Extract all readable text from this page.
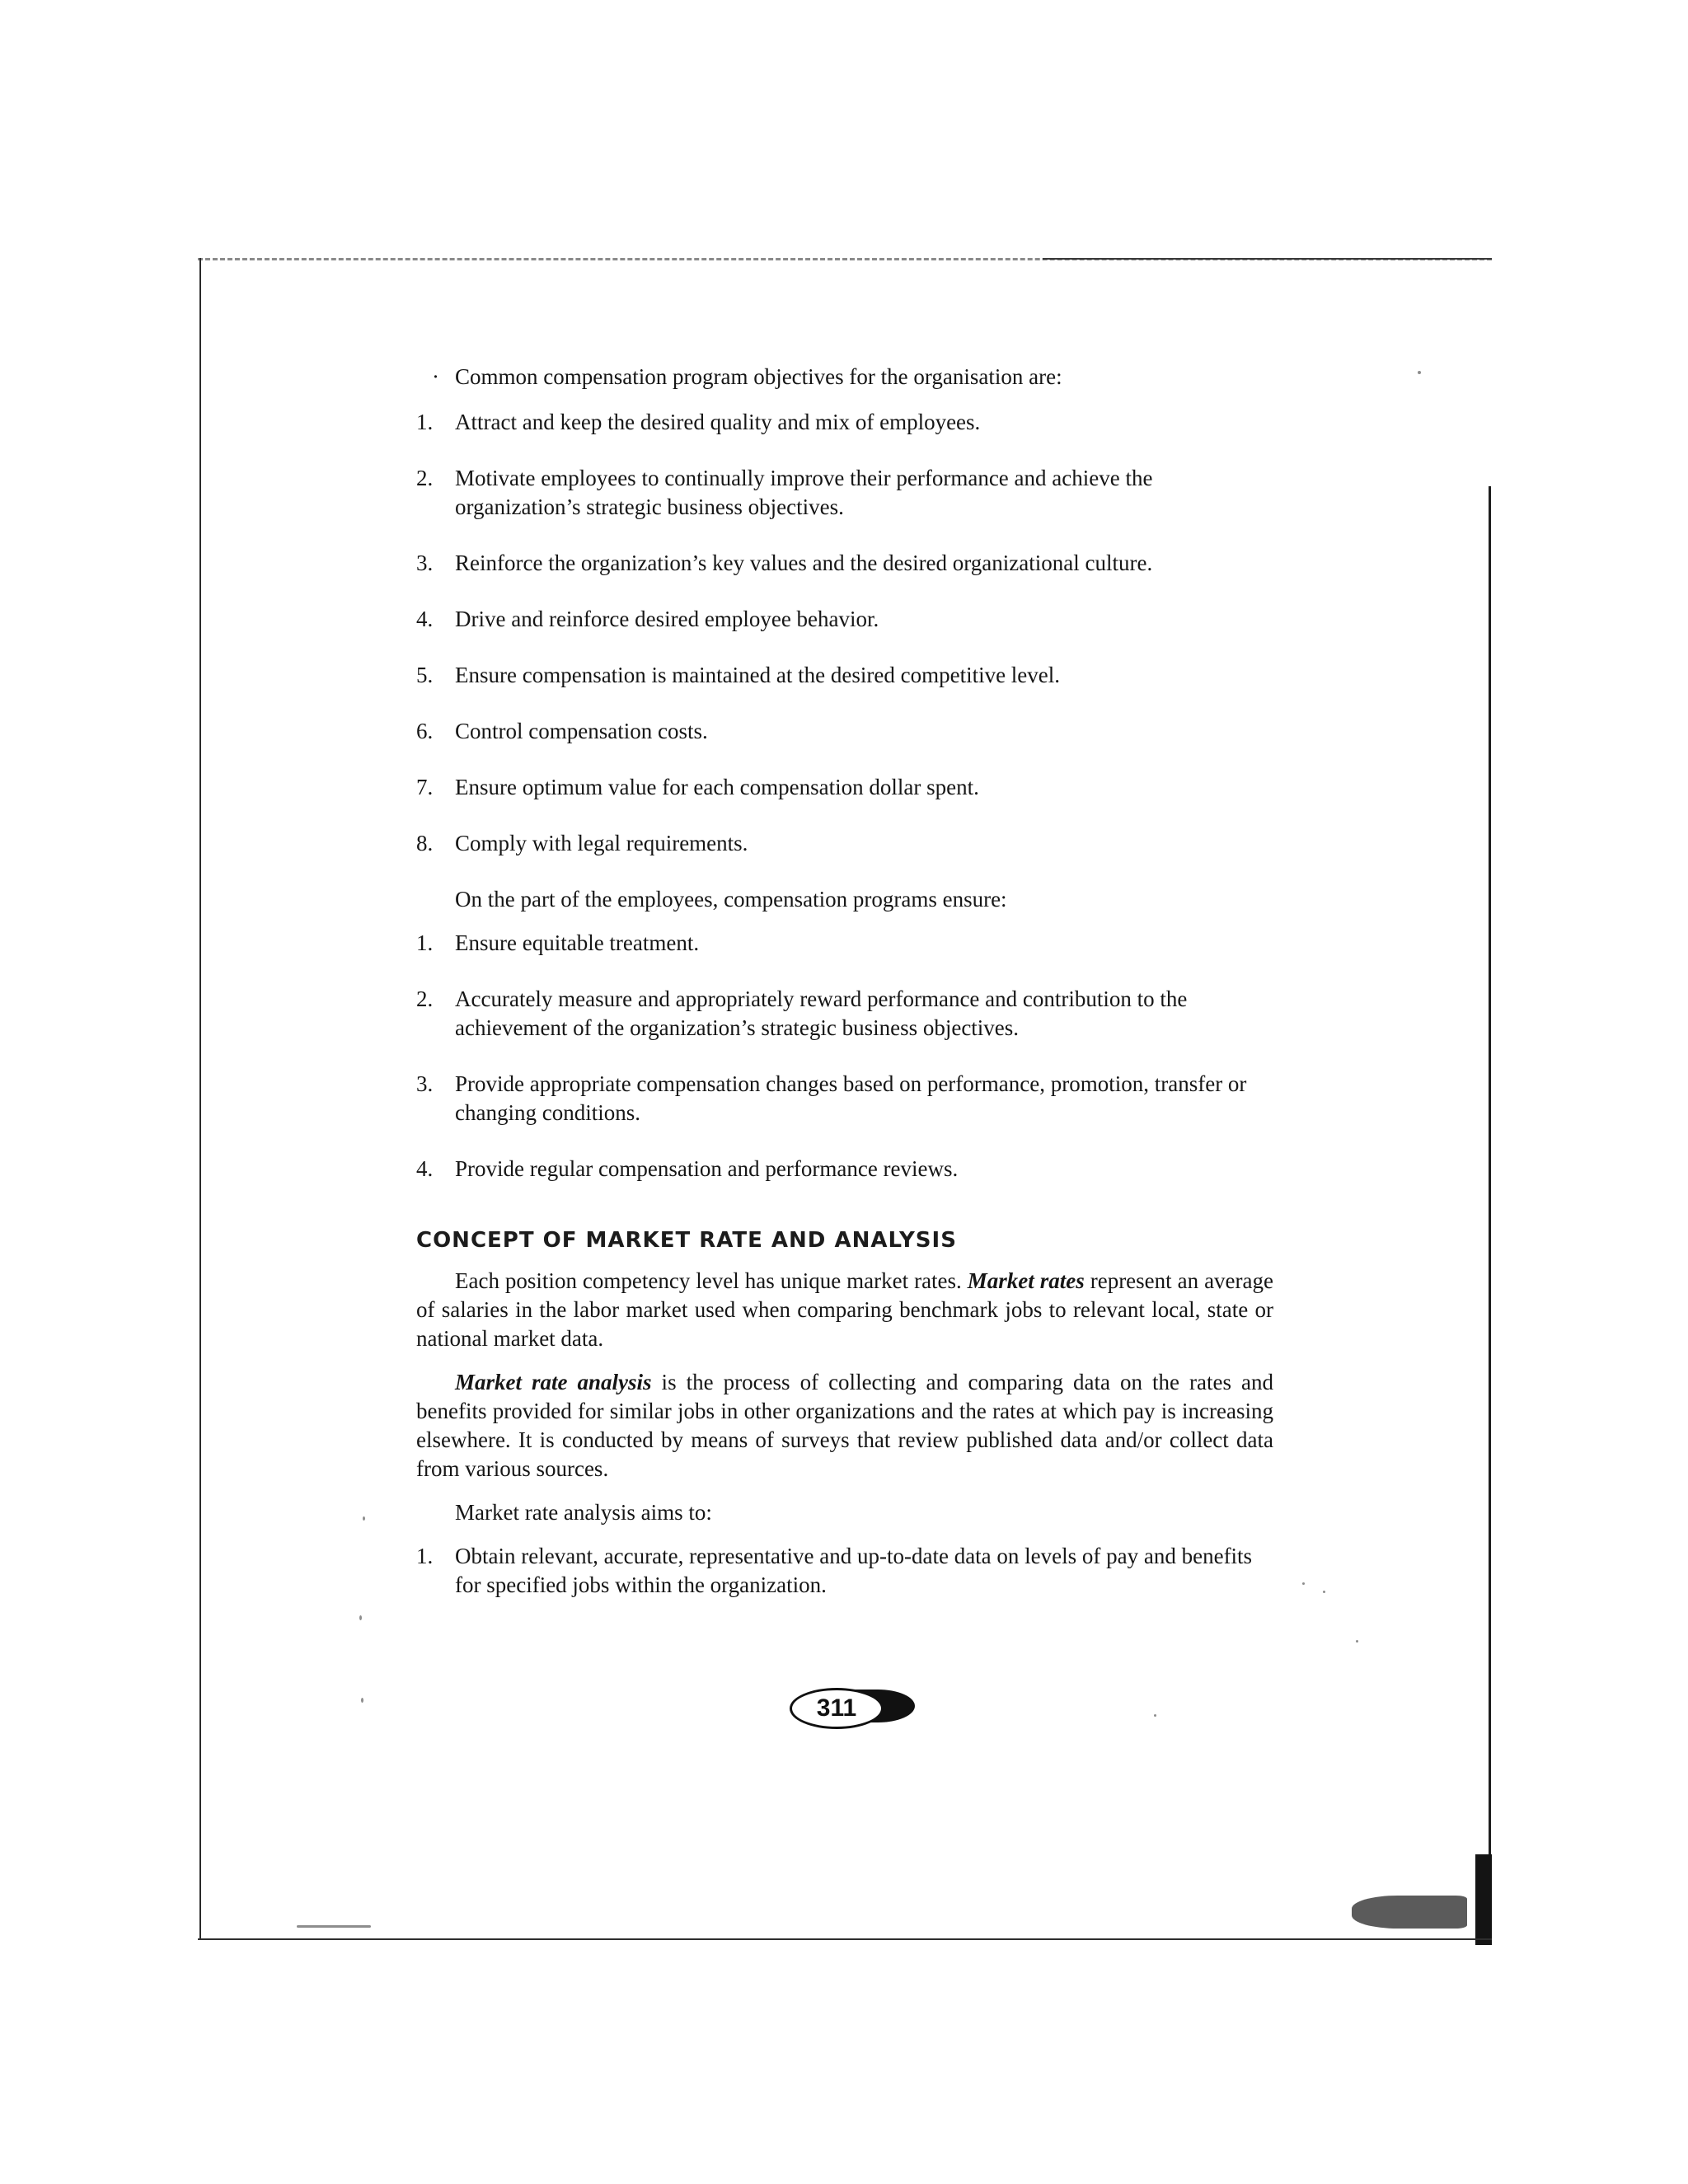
· Common compensation program objectives for the organisation are:
1. Attract and keep the desired quality and mix of employees.
2. Motivate employees to continually improve their performance and achieve the organization’s strategic business objectives.
3. Reinforce the organization’s key values and the desired organizational culture.
4. Drive and reinforce desired employee behavior.
5. Ensure compensation is maintained at the desired competitive level.
6. Control compensation costs.
7. Ensure optimum value for each compensation dollar spent.
8. Comply with legal requirements.

On the part of the employees, compensation programs ensure:

1. Ensure equitable treatment.
2. Accurately measure and appropriately reward performance and contribution to the achievement of the organization’s strategic business objectives.
3. Provide appropriate compensation changes based on performance, promotion, transfer or changing conditions.
4. Provide regular compensation and performance reviews.
CONCEPT OF MARKET RATE AND ANALYSIS

Each position competency level has unique market rates. Market rates represent an average of salaries in the labor market used when comparing benchmark jobs to relevant local, state or national market data.

Market rate analysis is the process of collecting and comparing data on the rates and benefits provided for similar jobs in other organizations and the rates at which pay is increasing elsewhere. It is conducted by means of surveys that review published data and/or collect data from various sources.

Market rate analysis aims to:

1. Obtain relevant, accurate, representative and up-to-date data on levels of pay and benefits for specified jobs within the organization.
311
